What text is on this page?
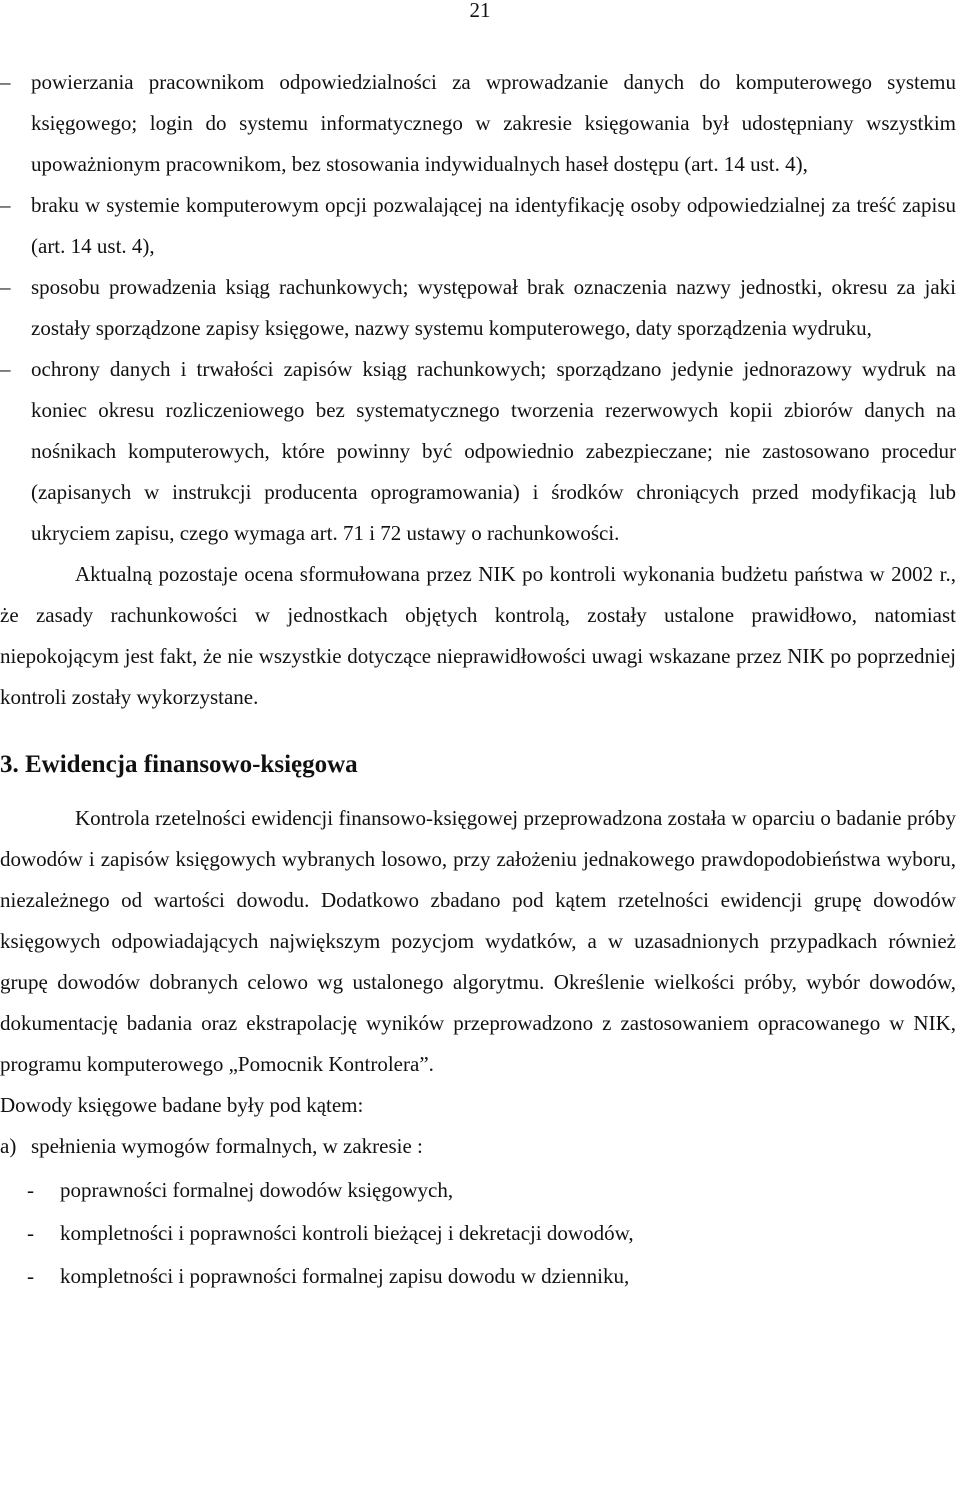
21
– powierzania pracownikom odpowiedzialności za wprowadzanie danych do komputerowego systemu księgowego; login do systemu informatycznego w zakresie księgowania był udostępniany wszystkim upoważnionym pracownikom, bez stosowania indywidualnych haseł dostępu (art. 14 ust. 4),
– braku w systemie komputerowym opcji pozwalającej na identyfikację osoby odpowiedzialnej za treść zapisu (art. 14 ust. 4),
– sposobu prowadzenia ksiąg rachunkowych; występował brak oznaczenia nazwy jednostki, okresu za jaki zostały sporządzone zapisy księgowe, nazwy systemu komputerowego, daty sporządzenia wydruku,
– ochrony danych i trwałości zapisów ksiąg rachunkowych; sporządzano jedynie jednorazowy wydruk na koniec okresu rozliczeniowego bez systematycznego tworzenia rezerwowych kopii zbiorów danych na nośnikach komputerowych, które powinny być odpowiednio zabezpieczane; nie zastosowano procedur (zapisanych w instrukcji producenta oprogramowania) i środków chroniących przed modyfikacją lub ukryciem zapisu, czego wymaga art. 71 i 72 ustawy o rachunkowości.
Aktualną pozostaje ocena sformułowana przez NIK po kontroli wykonania budżetu państwa w 2002 r., że zasady rachunkowości w jednostkach objętych kontrolą, zostały ustalone prawidłowo, natomiast niepokojącym jest fakt, że nie wszystkie dotyczące nieprawidłowości uwagi wskazane przez NIK po poprzedniej kontroli zostały wykorzystane.
3. Ewidencja finansowo-księgowa
Kontrola rzetelności ewidencji finansowo-księgowej przeprowadzona została w oparciu o badanie próby dowodów i zapisów księgowych wybranych losowo, przy założeniu jednakowego prawdopodobieństwa wyboru, niezależnego od wartości dowodu. Dodatkowo zbadano pod kątem rzetelności ewidencji grupę dowodów księgowych odpowiadających największym pozycjom wydatków, a w uzasadnionych przypadkach również grupę dowodów dobranych celowo wg ustalonego algorytmu. Określenie wielkości próby, wybór dowodów, dokumentację badania oraz ekstrapolację wyników przeprowadzono z zastosowaniem opracowanego w NIK, programu komputerowego „Pomocnik Kontrolera”.
Dowody księgowe badane były pod kątem:
a) spełnienia wymogów formalnych, w zakresie :
- poprawności formalnej dowodów księgowych,
- kompletności i poprawności kontroli bieżącej i dekretacji dowodów,
- kompletności i poprawności formalnej zapisu dowodu w dzienniku,
